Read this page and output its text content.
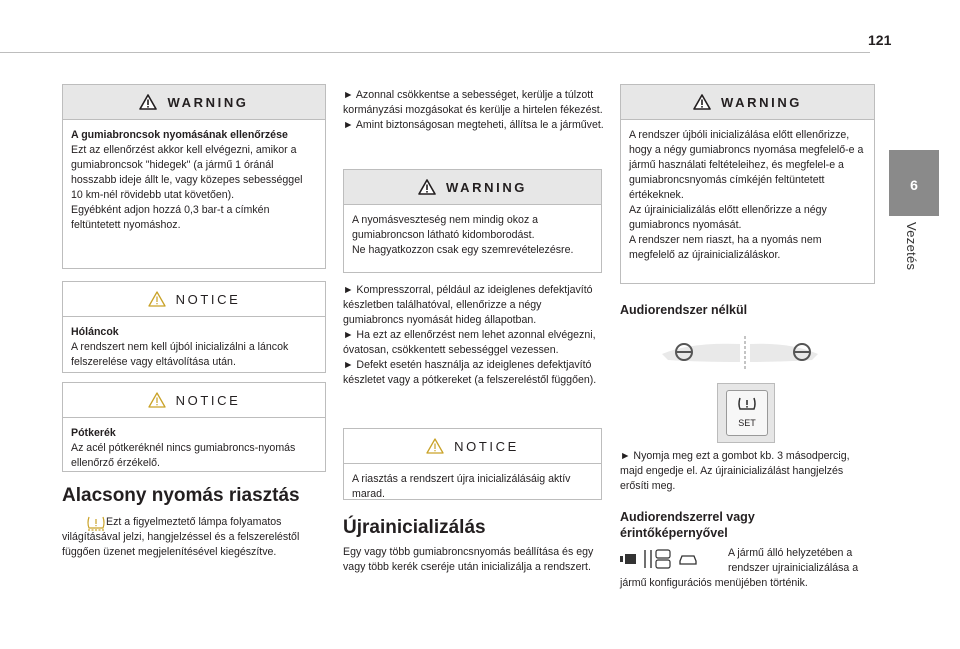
121
6
Vezetés
WARNING
A gumiabroncsok nyomásának ellenőrzése
Ezt az ellenőrzést akkor kell elvégezni, amikor a gumiabroncsok "hidegek" (a jármű 1 óránál hosszabb ideje állt le, vagy közepes sebességgel 10 km-nél rövidebb utat követően).
Egyébként adjon hozzá 0,3 bar-t a címkén feltüntetett nyomáshoz.
NOTICE
Hóláncok
A rendszert nem kell újból inicializálni a láncok felszerelése vagy eltávolítása után.
NOTICE
Pótkerék
Az acél pótkeréknél nincs gumiabroncs-nyomás ellenőrző érzékelő.
Alacsony nyomás riasztás
Ezt a figyelmeztető lámpa folyamatos világításával jelzi, hangjelzéssel és a felszereléstől függően üzenet megjelenítésével kiegészítve.
► Azonnal csökkentse a sebességet, kerülje a túlzott kormányzási mozgásokat és kerülje a hirtelen fékezést.
► Amint biztonságosan megteheti, állítsa le a járművet.
WARNING
A nyomásveszteség nem mindig okoz a gumiabroncson látható kidomborodást.
Ne hagyatkozzon csak egy szemrevételezésre.
► Kompresszorral, például az ideiglenes defektjavító készletben találhatóval, ellenőrizze a négy gumiabroncs nyomását hideg állapotban.
► Ha ezt az ellenőrzést nem lehet azonnal elvégezni, óvatosan, csökkentett sebességgel vezessen.
► Defekt esetén használja az ideiglenes defektjavító készletet vagy a pótkereket (a felszereléstől függően).
NOTICE
A riasztás a rendszert újra inicializálásáig aktív marad.
Újrainicializálás
Egy vagy több gumiabroncsnyomás beállítása és egy vagy több kerék cseréje után inicializálja a rendszert.
WARNING
A rendszer újbóli inicializálása előtt ellenőrizze, hogy a négy gumiabroncs nyomása megfelelő-e a jármű használati feltételeihez, és megfelel-e a gumiabroncsnyomás címkéjén feltüntetett értékeknek.
Az újrainicializálás előtt ellenőrizze a négy gumiabroncs nyomását.
A rendszer nem riaszt, ha a nyomás nem megfelelő az újrainicializáláskor.
Audiorendszer nélkül
SET
► Nyomja meg ezt a gombot kb. 3 másodpercig, majd engedje el. Az újrainicializálást hangjelzés erősíti meg.
Audiorendszerrel vagy érintőképernyővel
A jármű álló helyzetében a rendszer ujrainicializálása a
jármű konfigurációs menüjében történik.
